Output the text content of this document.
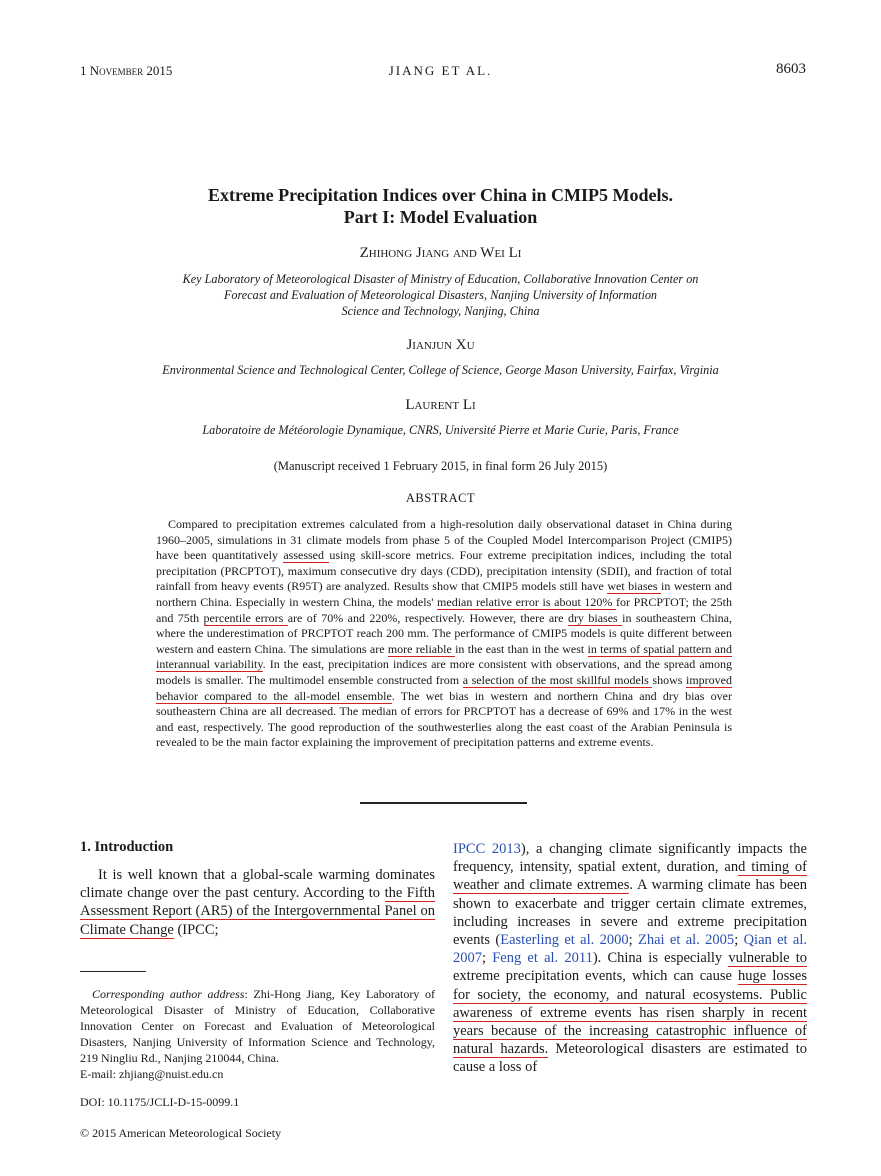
1 November 2015	JIANG ET AL.	8603
Extreme Precipitation Indices over China in CMIP5 Models.
Part I: Model Evaluation
Zhihong Jiang and Wei Li
Key Laboratory of Meteorological Disaster of Ministry of Education, Collaborative Innovation Center on
Forecast and Evaluation of Meteorological Disasters, Nanjing University of Information
Science and Technology, Nanjing, China
Jianjun Xu
Environmental Science and Technological Center, College of Science, George Mason University, Fairfax, Virginia
Laurent Li
Laboratoire de Météorologie Dynamique, CNRS, Université Pierre et Marie Curie, Paris, France
(Manuscript received 1 February 2015, in final form 26 July 2015)
ABSTRACT
Compared to precipitation extremes calculated from a high-resolution daily observational dataset in China during 1960–2005, simulations in 31 climate models from phase 5 of the Coupled Model Intercomparison Project (CMIP5) have been quantitatively assessed using skill-score metrics. Four extreme precipitation indices, including the total precipitation (PRCPTOT), maximum consecutive dry days (CDD), precipitation intensity (SDII), and fraction of total rainfall from heavy events (R95T) are analyzed. Results show that CMIP5 models still have wet biases in western and northern China. Especially in western China, the models' median relative error is about 120% for PRCPTOT; the 25th and 75th percentile errors are of 70% and 220%, respectively. However, there are dry biases in southeastern China, where the underestimation of PRCPTOT reach 200 mm. The performance of CMIP5 models is quite different between western and eastern China. The simulations are more reliable in the east than in the west in terms of spatial pattern and interannual variability. In the east, precipitation indices are more consistent with observations, and the spread among models is smaller. The multimodel ensemble constructed from a selection of the most skillful models shows improved behavior compared to the all-model ensemble. The wet bias in western and northern China and dry bias over southeastern China are all decreased. The median of errors for PRCPTOT has a decrease of 69% and 17% in the west and east, respectively. The good reproduction of the southwesterlies along the east coast of the Arabian Peninsula is revealed to be the main factor explaining the improvement of precipitation patterns and extreme events.
1. Introduction
It is well known that a global-scale warming dominates climate change over the past century. According to the Fifth Assessment Report (AR5) of the Intergovernmental Panel on Climate Change (IPCC;
Corresponding author address: Zhi-Hong Jiang, Key Laboratory of Meteorological Disaster of Ministry of Education, Collaborative Innovation Center on Forecast and Evaluation of Meteorological Disasters, Nanjing University of Information Science and Technology, 219 Ningliu Rd., Nanjing 210044, China.
E-mail: zhjiang@nuist.edu.cn
DOI: 10.1175/JCLI-D-15-0099.1
© 2015 American Meteorological Society
IPCC 2013), a changing climate significantly impacts the frequency, intensity, spatial extent, duration, and timing of weather and climate extremes. A warming climate has been shown to exacerbate and trigger certain climate extremes, including increases in severe and extreme precipitation events (Easterling et al. 2000; Zhai et al. 2005; Qian et al. 2007; Feng et al. 2011). China is especially vulnerable to extreme precipitation events, which can cause huge losses for society, the economy, and natural ecosystems. Public awareness of extreme events has risen sharply in recent years because of the increasing catastrophic influence of natural hazards. Meteorological disasters are estimated to cause a loss of
